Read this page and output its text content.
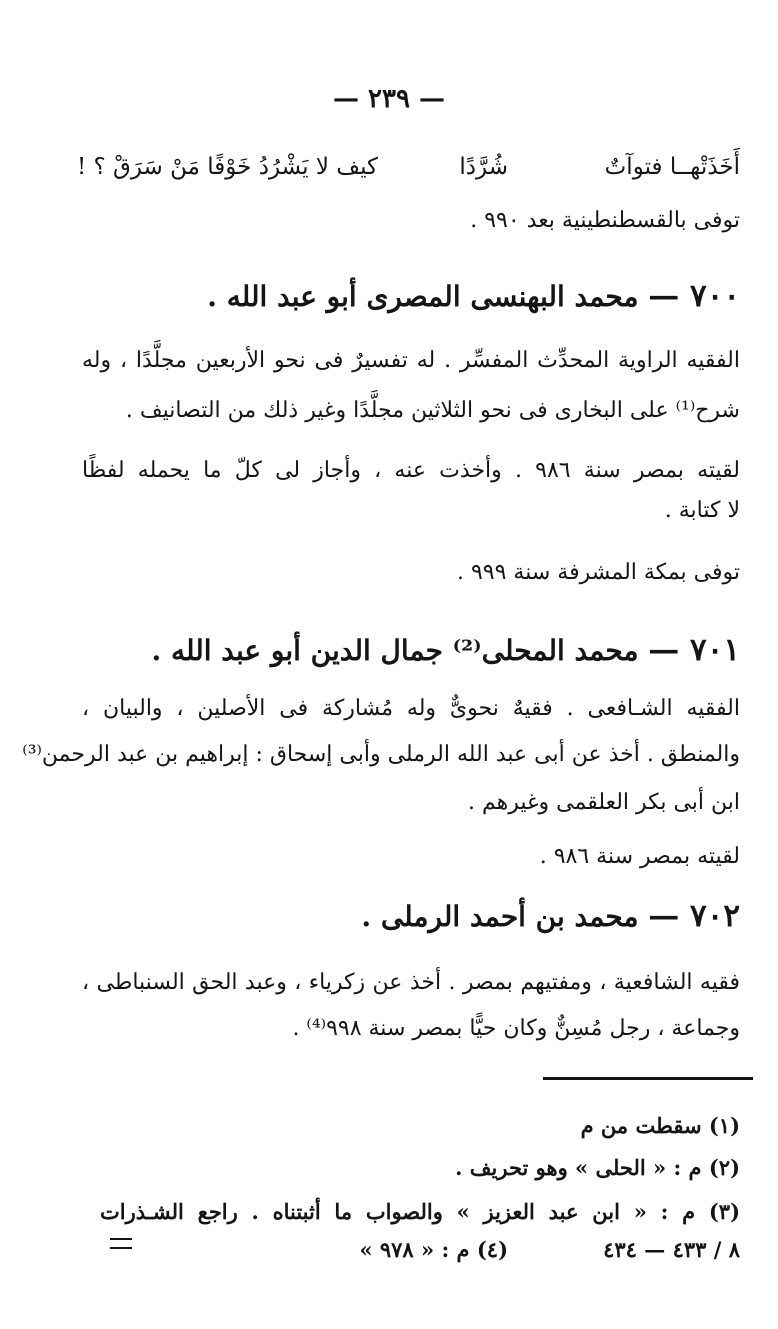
— ٢٣٩ —
أَخَذَتْهــا فتوآتٌ
شُرَّدًا
كيف لا يَشْرُدُ خَوْفًا مَنْ سَرَقْ ؟ !
توفى بالقسطنطينية بعد ٩٩٠ .
٧٠٠ — محمد البهنسى المصرى أبو عبد الله .
الفقيه الراوية المحدِّث المفسِّر . له تفسيرٌ فى نحو الأربعين مجلَّدًا ، وله
شرح⁽¹⁾ على البخارى فى نحو الثلاثين مجلَّدًا وغير ذلك من التصانيف .
لقيته بمصر سنة ٩٨٦ . وأخذت عنه ، وأجاز لى كلّ ما يحمله لفظًا
لا كتابة .
توفى بمكة المشرفة سنة ٩٩٩ .
٧٠١ — محمد المحلى⁽²⁾ جمال الدين أبو عبد الله .
الفقيه الشـافعى . فقيهٌ نحوىٌّ وله مُشاركة فى الأصلين ، والبيان ،
والمنطق . أخذ عن أبى عبد الله الرملى وأبى إسحاق : إبراهيم بن عبد الرحمن⁽³⁾
ابن أبى بكر العلقمى وغيرهم .
لقيته بمصر سنة ٩٨٦ .
٧٠٢ — محمد بن أحمد الرملى .
فقيه الشافعية ، ومفتيهم بمصر . أخذ عن زكرياء ، وعبد الحق السنباطى ،
وجماعة ، رجل مُسِنٌّ وكان حيًّا بمصر سنة ٩٩٨⁽⁴⁾ .
(١) سقطت من م
(٢) م : « الحلى » وهو تحريف .
(٣) م : « ابن عبد العزيز » والصواب ما أثبتناه . راجع الشـذرات
٨ / ٤٣٣ — ٤٣٤
(٤) م : « ٩٧٨ »
